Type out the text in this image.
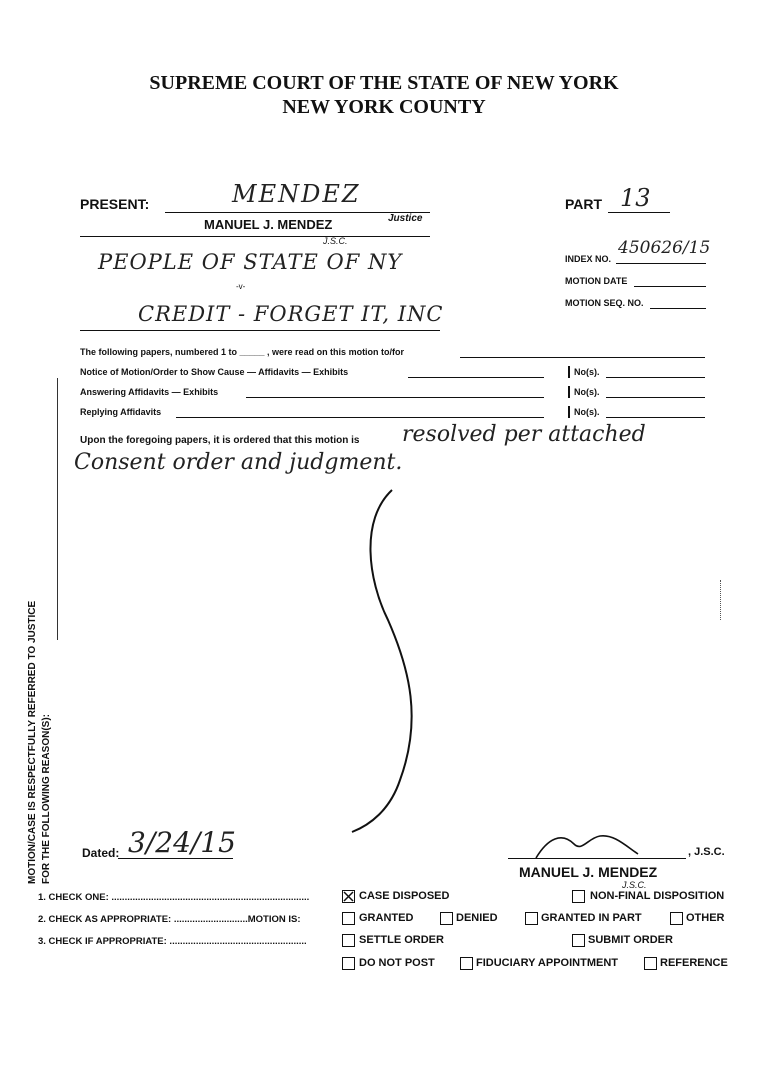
SUPREME COURT OF THE STATE OF NEW YORK
NEW YORK COUNTY
PRESENT:	MENDEZ
MANUEL J. MENDEZ	Justice
J.S.C.
PART 13
PEOPLE OF STATE OF NY
-v-
CREDIT - FORGET IT, INC
INDEX NO.
450626/15
MOTION DATE
MOTION SEQ. NO.
The following papers, numbered 1 to _____ , were read on this motion to/for
Notice of Motion/Order to Show Cause — Affidavits — Exhibits	No(s).
Answering Affidavits — Exhibits	No(s).
Replying Affidavits	No(s).
Upon the foregoing papers, it is ordered that this motion is resolved per attached
Consent order and judgment.
MOTION/CASE IS RESPECTFULLY REFERRED TO JUSTICE FOR THE FOLLOWING REASON(S):	Dated: 3/24/15	, J.S.C.
MANUEL J. MENDEZ
J.S.C.
1. CHECK ONE: ...........................................................................	CASE DISPOSED	NON-FINAL DISPOSITION
2. CHECK AS APPROPRIATE: ............................MOTION IS:	GRANTED	DENIED	GRANTED IN PART	OTHER
3. CHECK IF APPROPRIATE: ....................................................	SETTLE ORDER	SUBMIT ORDER
DO NOT POST	FIDUCIARY APPOINTMENT	REFERENCE
